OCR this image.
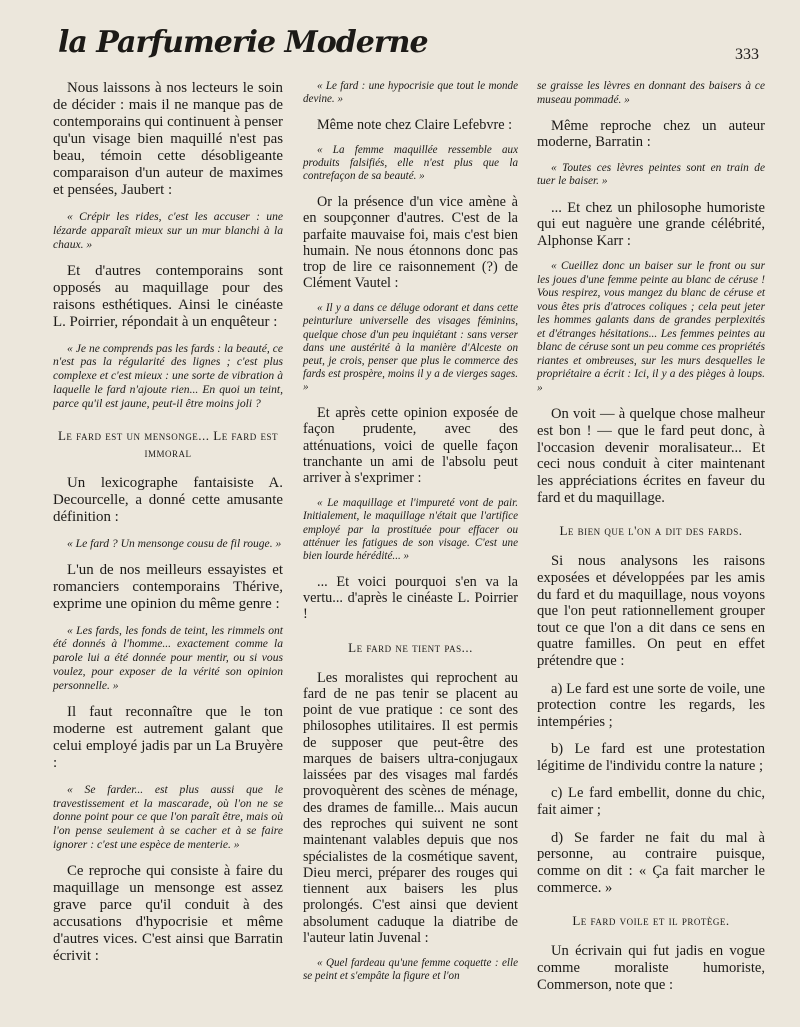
la Parfumerie Moderne	333

Nous laissons à nos lecteurs le soin de décider : mais il ne manque pas de contemporains qui continuent à penser qu'un visage bien maquillé n'est pas beau, témoin cette désobligeante comparaison d'un auteur de maximes et pensées, Jaubert :

« Crépir les rides, c'est les accuser : une lézarde apparaît mieux sur un mur blanchi à la chaux. »

Et d'autres contemporains sont opposés au maquillage pour des raisons esthétiques. Ainsi le cinéaste L. Poirrier, répondait à un enquêteur :

« Je ne comprends pas les fards : la beauté, ce n'est pas la régularité des lignes ; c'est plus complexe et c'est mieux : une sorte de vibration à laquelle le fard n'ajoute rien... En quoi un teint, parce qu'il est jaune, peut-il être moins joli ?

Le fard est un mensonge... Le fard est immoral

Un lexicographe fantaisiste A. Decourcelle, a donné cette amusante définition :

« Le fard ? Un mensonge cousu de fil rouge. »

L'un de nos meilleurs essayistes et romanciers contemporains Thérive, exprime une opinion du même genre :

« Les fards, les fonds de teint, les rimmels ont été donnés à l'homme... exactement comme la parole lui a été donnée pour mentir, ou si vous voulez, pour exposer de la vérité son opinion personnelle. »

Il faut reconnaître que le ton moderne est autrement galant que celui employé jadis par un La Bruyère :

« Se farder... est plus aussi que le travestissement et la mascarade, où l'on ne se donne point pour ce que l'on paraît être, mais où l'on pense seulement à se cacher et à se faire ignorer : c'est une espèce de menterie. »

Ce reproche qui consiste à faire du maquillage un mensonge est assez grave parce qu'il conduit à des accusations d'hypocrisie et même d'autres vices. C'est ainsi que Barratin écrivit :

« Le fard : une hypocrisie que tout le monde devine. »

Même note chez Claire Lefebvre :

« La femme maquillée ressemble aux produits falsifiés, elle n'est plus que la contrefaçon de sa beauté. »

Or la présence d'un vice amène à en soupçonner d'autres. C'est de la parfaite mauvaise foi, mais c'est bien humain. Ne nous étonnons donc pas trop de lire ce raisonnement (?) de Clément Vautel :

« Il y a dans ce déluge odorant et dans cette peinturlure universelle des visages féminins, quelque chose d'un peu inquiétant : sans verser dans une austérité à la manière d'Alceste on peut, je crois, penser que plus le commerce des fards est prospère, moins il y a de vierges sages. »

Et après cette opinion exposée de façon prudente, avec des atténuations, voici de quelle façon tranchante un ami de l'absolu peut arriver à s'exprimer :

« Le maquillage et l'impureté vont de pair. Initialement, le maquillage n'était que l'artifice employé par la prostituée pour effacer ou atténuer les fatigues de son visage. C'est une bien lourde hérédité... »

... Et voici pourquoi s'en va la vertu... d'après le cinéaste L. Poirrier !

Le fard ne tient pas...

Les moralistes qui reprochent au fard de ne pas tenir se placent au point de vue pratique : ce sont des philosophes utilitaires. Il est permis de supposer que peut-être des marques de baisers ultra-conjugaux laissées par des visages mal fardés provoquèrent des scènes de ménage, des drames de famille... Mais aucun des reproches qui suivent ne sont maintenant valables depuis que nos spécialistes de la cosmétique savent, Dieu merci, préparer des rouges qui tiennent aux baisers les plus prolongés. C'est ainsi que devient absolument caduque la diatribe de l'auteur latin Juvenal :

« Quel fardeau qu'une femme coquette : elle se peint et s'empâte la figure et l'on

se graisse les lèvres en donnant des baisers à ce museau pommadé. »

Même reproche chez un auteur moderne, Barratin :

« Toutes ces lèvres peintes sont en train de tuer le baiser. »

... Et chez un philosophe humoriste qui eut naguère une grande célébrité, Alphonse Karr :

« Cueillez donc un baiser sur le front ou sur les joues d'une femme peinte au blanc de céruse ! Vous respirez, vous mangez du blanc de céruse et vous êtes pris d'atroces coliques ; cela peut jeter les hommes galants dans de grandes perplexités et d'étranges hésitations... Les femmes peintes au blanc de céruse sont un peu comme ces propriétés riantes et ombreuses, sur les murs desquelles le propriétaire a écrit : Ici, il y a des pièges à loups. »

On voit — à quelque chose malheur est bon ! — que le fard peut donc, à l'occasion devenir moralisateur... Et ceci nous conduit à citer maintenant les appréciations écrites en faveur du fard et du maquillage.

Le bien que l'on a dit des fards.

Si nous analysons les raisons exposées et développées par les amis du fard et du maquillage, nous voyons que l'on peut rationnellement grouper tout ce que l'on a dit dans ce sens en quatre familles. On peut en effet prétendre que :

a) Le fard est une sorte de voile, une protection contre les regards, les intempéries ;

b) Le fard est une protestation légitime de l'individu contre la nature ;

c) Le fard embellit, donne du chic, fait aimer ;

d) Se farder ne fait du mal à personne, au contraire puisque, comme on dit : « Ça fait marcher le commerce. »

Le fard voile et il protège.

Un écrivain qui fut jadis en vogue comme moraliste humoriste, Commerson, note que :
